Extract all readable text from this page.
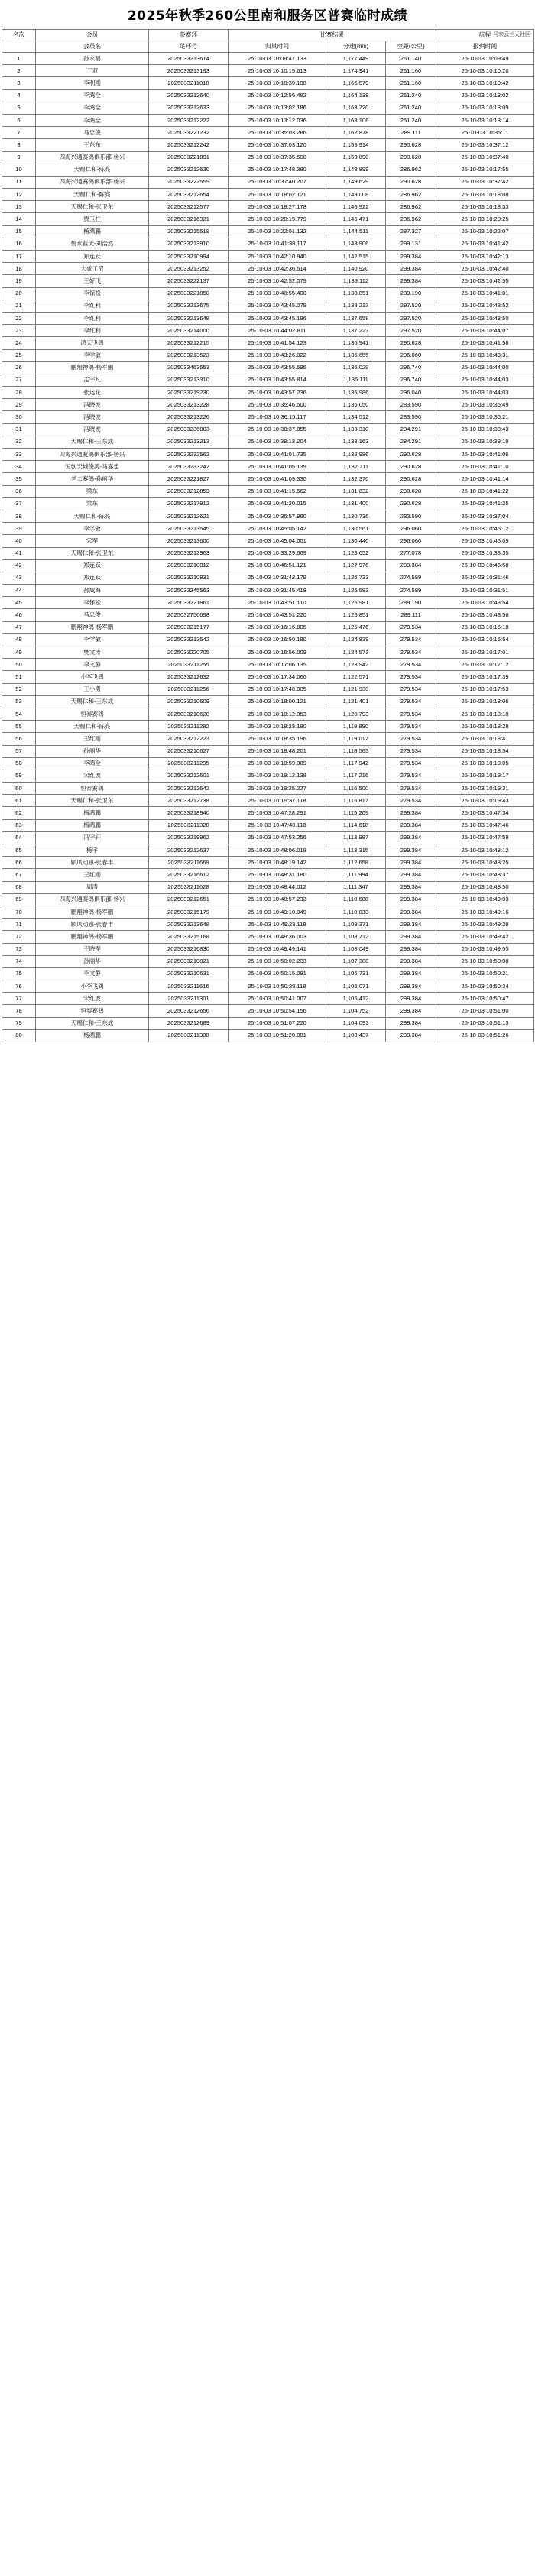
2025年秋季260公里南和服务区普赛临时成绩
马家云兰天社区
名次	会员	参赛环	比赛结果			航程
	会员名	足环号	归巢时间	分速(m/s)	空距(公里)	报到时间
1	孙永福	2025033213614	25-10-03 10:09:47.133	1,177.449	261.140	25-10-03 10:09:49
2	丁双	2025033213193	25-10-03 10:10:15.613	1,174.941	261.160	25-10-03 10:10:20
3	李利刚	2025033211818	25-10-03 10:10:39.198	1,166.579	261.160	25-10-03 10:10:42
4	李鸿全	2025033212640	25-10-03 10:12:56.482	1,164.138	261.240	25-10-03 10:13:02
5	李鸿全	2025033212633	25-10-03 10:13:02.186	1,163.720	261.240	25-10-03 10:13:09
6	李鸿全	2025033212222	25-10-03 10:13:12.036	1,163.106	261.240	25-10-03 10:13:14
7	马忠俊	2025033221232	25-10-03 10:35:03.286	1,162.878	289.111	25-10-03 10:35:11
8	王东东	2025033212242	25-10-03 10:37:03.120	1,159.914	290.628	25-10-03 10:37:12
9	四海兴通赛鸽俱乐部-杨兴	2025033221891	25-10-03 10:37:35.500	1,159.890	290.628	25-10-03 10:37:40
10	天赐仁和-陈亮	2025033212630	25-10-03 10:17:48.380	1,149.899	286.962	25-10-03 10:17:55
11	四海兴通赛鸽俱乐部-杨兴	2025033222559	25-10-03 10:37:40.207	1,149.629	290.628	25-10-03 10:37:42
12	天赐仁和-陈亮	2025033212654	25-10-03 10:18:02.121	1,149.008	286.962	25-10-03 10:18:08
13	天赐仁和-张卫东	2025033212577	25-10-03 10:18:27.178	1,146.922	286.962	25-10-03 10:18:33
14	贾玉柱	2025033216321	25-10-03 10:20:19.779	1,145.471	286.962	25-10-03 10:20:25
15	杨鸿鹏	2025033215519	25-10-03 10:22:01.132	1,144.511	287.327	25-10-03 10:22:07
16	碧水蓝天-刘浩然	2025033213910	25-10-03 10:41:38.117	1,143.906	299.131	25-10-03 10:41:42
17	郑连跃	2025033210994	25-10-03 10:42:10.940	1,142.515	299.384	25-10-03 10:42:13
18	大成工贸	2025033213252	25-10-03 10:42:36.514	1,140.920	299.384	25-10-03 10:42:40
19	王好飞	2025033222137	25-10-03 10:42:52.079	1,139.112	299.384	25-10-03 10:42:55
20	李保松	2025033221850	25-10-03 10:40:55.400	1,138.851	289.190	25-10-03 10:41:01
21	李红利	2025033213675	25-10-03 10:43:45.079	1,138.213	297.520	25-10-03 10:43:52
22	李红利	2025033213648	25-10-03 10:43:45.196	1,137.658	297.520	25-10-03 10:43:50
23	李红利	2025033214000	25-10-03 10:44:02.811	1,137.223	297.520	25-10-03 10:44:07
24	鸿天飞鸽	2025033212215	25-10-03 10:41:54.123	1,136.941	290.628	25-10-03 10:41:58
25	李学敏	2025033213523	25-10-03 10:43:26.022	1,136.655	296.060	25-10-03 10:43:31
26	鹏翔神鸽-杨军鹏	2025033463553	25-10-03 10:43:55.595	1,136.029	296.740	25-10-03 10:44:00
27	孟宇凡	2025033213310	25-10-03 10:43:55.814	1,136.111	296.740	25-10-03 10:44:03
28	张运花	2025033219230	25-10-03 10:43:57.236	1,135.986	296.040	25-10-03 10:44:03
29	冯晓波	2025033213228	25-10-03 10:35:46.500	1,135.050	283.590	25-10-03 10:35:49
30	冯晓波	2025033213226	25-10-03 10:36:15.117	1,134.512	283.590	25-10-03 10:36:21
31	冯晓波	2025033236803	25-10-03 10:38:37.855	1,133.310	284.291	25-10-03 10:38:43
32	天赐仁和-王东成	2025033213213	25-10-03 10:39:13.004	1,133.163	284.291	25-10-03 10:39:19
33	四海兴通赛鸽俱乐部-杨兴	2025033232562	25-10-03 10:41:01.735	1,132.986	290.628	25-10-03 10:41:06
34	恒创天城俊美-马嘉忠	2025033233242	25-10-03 10:41:05.139	1,132.711	290.628	25-10-03 10:41:10
35	老二赛鸽-孙丽华	2025033221827	25-10-03 10:41:09.330	1,132.370	290.628	25-10-03 10:41:14
36	梁东	2025033212853	25-10-03 10:41:15.562	1,131.832	290.628	25-10-03 10:41:22
37	梁东	2025033217912	25-10-03 10:41:20.015	1,131.400	290.628	25-10-03 10:41:25
38	天赐仁和-陈亮	2025033212621	25-10-03 10:36:57.960	1,130.736	283.590	25-10-03 10:37:04
39	李学敏	2025033213545	25-10-03 10:45:05.142	1,130.561	296.060	25-10-03 10:45:12
40	宋军	2025033213600	25-10-03 10:45:04.001	1,130.440	296.060	25-10-03 10:45:09
41	天赐仁和-张卫东	2025033212963	25-10-03 10:33:29.669	1,128.652	277.078	25-10-03 10:33:35
42	郑连跃	2025033210812	25-10-03 10:46:51.121	1,127.976	299.384	25-10-03 10:46:58
43	郑连跃	2025033210831	25-10-03 10:31:42.179	1,126.733	274.589	25-10-03 10:31:46
44	郝成海	2025033245563	25-10-03 10:31:45.418	1,126.583	274.589	25-10-03 10:31:51
45	李保松	2025033221861	25-10-03 10:43:51.110	1,125.981	289.190	25-10-03 10:43:54
46	马忠俊	2025032756698	25-10-03 10:43:51.220	1,125.851	289.111	25-10-03 10:43:56
47	鹏翔神鸽-杨军鹏	2025033215177	25-10-03 10:16:16.005	1,125.476	279.534	25-10-03 10:16:18
48	李学敏	2025033213542	25-10-03 10:16:50.180	1,124.839	279.534	25-10-03 10:16:54
49	樊文涛	2025033220705	25-10-03 10:16:56.009	1,124.573	279.534	25-10-03 10:17:01
50	李文静	2025033211255	25-10-03 10:17:06.135	1,123.942	279.534	25-10-03 10:17:12
51	小李飞鸽	2025033212632	25-10-03 10:17:34.066	1,122.571	279.534	25-10-03 10:17:39
52	王小勇	2025033211256	25-10-03 10:17:48.005	1,121.930	279.534	25-10-03 10:17:53
53	天赐仁和-王东成	2025033210609	25-10-03 10:18:00.121	1,121.401	279.534	25-10-03 10:18:06
54	恒泰赛鸽	2025033210620	25-10-03 10:18:12.053	1,120.793	279.534	25-10-03 10:18:18
55	天赐仁和-陈亮	2025033211282	25-10-03 10:18:23.180	1,119.890	279.534	25-10-03 10:18:28
56	王红刚	2025033212223	25-10-03 10:18:35.196	1,119.012	279.534	25-10-03 10:18:41
57	孙丽华	2025033210627	25-10-03 10:18:48.201	1,118.563	279.534	25-10-03 10:18:54
58	李鸿全	2025033211295	25-10-03 10:18:59.009	1,117.942	279.534	25-10-03 10:19:05
59	宋红波	2025033212601	25-10-03 10:19:12.138	1,117.216	279.534	25-10-03 10:19:17
60	恒泰赛鸽	2025033212642	25-10-03 10:19:25.227	1,116.500	279.534	25-10-03 10:19:31
61	天赐仁和-张卫东	2025033212738	25-10-03 10:19:37.118	1,115.817	279.534	25-10-03 10:19:43
62	杨鸿鹏	2025033218940	25-10-03 10:47:28.291	1,115.209	299.384	25-10-03 10:47:34
63	杨鸿鹏	2025033211320	25-10-03 10:47:40.118	1,114.618	299.384	25-10-03 10:47:46
64	冯宇轩	2025033219962	25-10-03 10:47:53.256	1,113.987	299.384	25-10-03 10:47:59
65	杨宇	2025033212637	25-10-03 10:48:06.018	1,113.315	299.384	25-10-03 10:48:12
66	顾风动感-张春丰	2025033211669	25-10-03 10:48:19.142	1,112.658	299.384	25-10-03 10:48:25
67	王红刚	2025033216612	25-10-03 10:48:31.180	1,111.994	299.384	25-10-03 10:48:37
68	周涛	2025033211628	25-10-03 10:48:44.012	1,111.347	299.384	25-10-03 10:48:50
69	四海兴通赛鸽俱乐部-杨兴	2025033212651	25-10-03 10:48:57.233	1,110.688	299.384	25-10-03 10:49:03
70	鹏翔神鸽-杨军鹏	2025033215179	25-10-03 10:49:10.049	1,110.033	299.384	25-10-03 10:49:16
71	顾风动感-张春丰	2025033213648	25-10-03 10:49:23.118	1,109.371	299.384	25-10-03 10:49:29
72	鹏翔神鸽-杨军鹏	2025033215168	25-10-03 10:49:36.003	1,108.712	299.384	25-10-03 10:49:42
73	王晓军	2025033216830	25-10-03 10:49:49.141	1,108.049	299.384	25-10-03 10:49:55
74	孙丽华	2025033210821	25-10-03 10:50:02.233	1,107.388	299.384	25-10-03 10:50:08
75	李文静	2025033210631	25-10-03 10:50:15.091	1,106.731	299.384	25-10-03 10:50:21
76	小李飞鸽	2025033211616	25-10-03 10:50:28.118	1,106.071	299.384	25-10-03 10:50:34
77	宋红波	2025033211301	25-10-03 10:50:41.007	1,105.412	299.384	25-10-03 10:50:47
78	恒泰赛鸽	2025033212656	25-10-03 10:50:54.156	1,104.752	299.384	25-10-03 10:51:00
79	天赐仁和-王东成	2025033212689	25-10-03 10:51:07.220	1,104.093	299.384	25-10-03 10:51:13
80	杨鸿鹏	2025033211308	25-10-03 10:51:20.081	1,103.437	299.384	25-10-03 10:51:26
